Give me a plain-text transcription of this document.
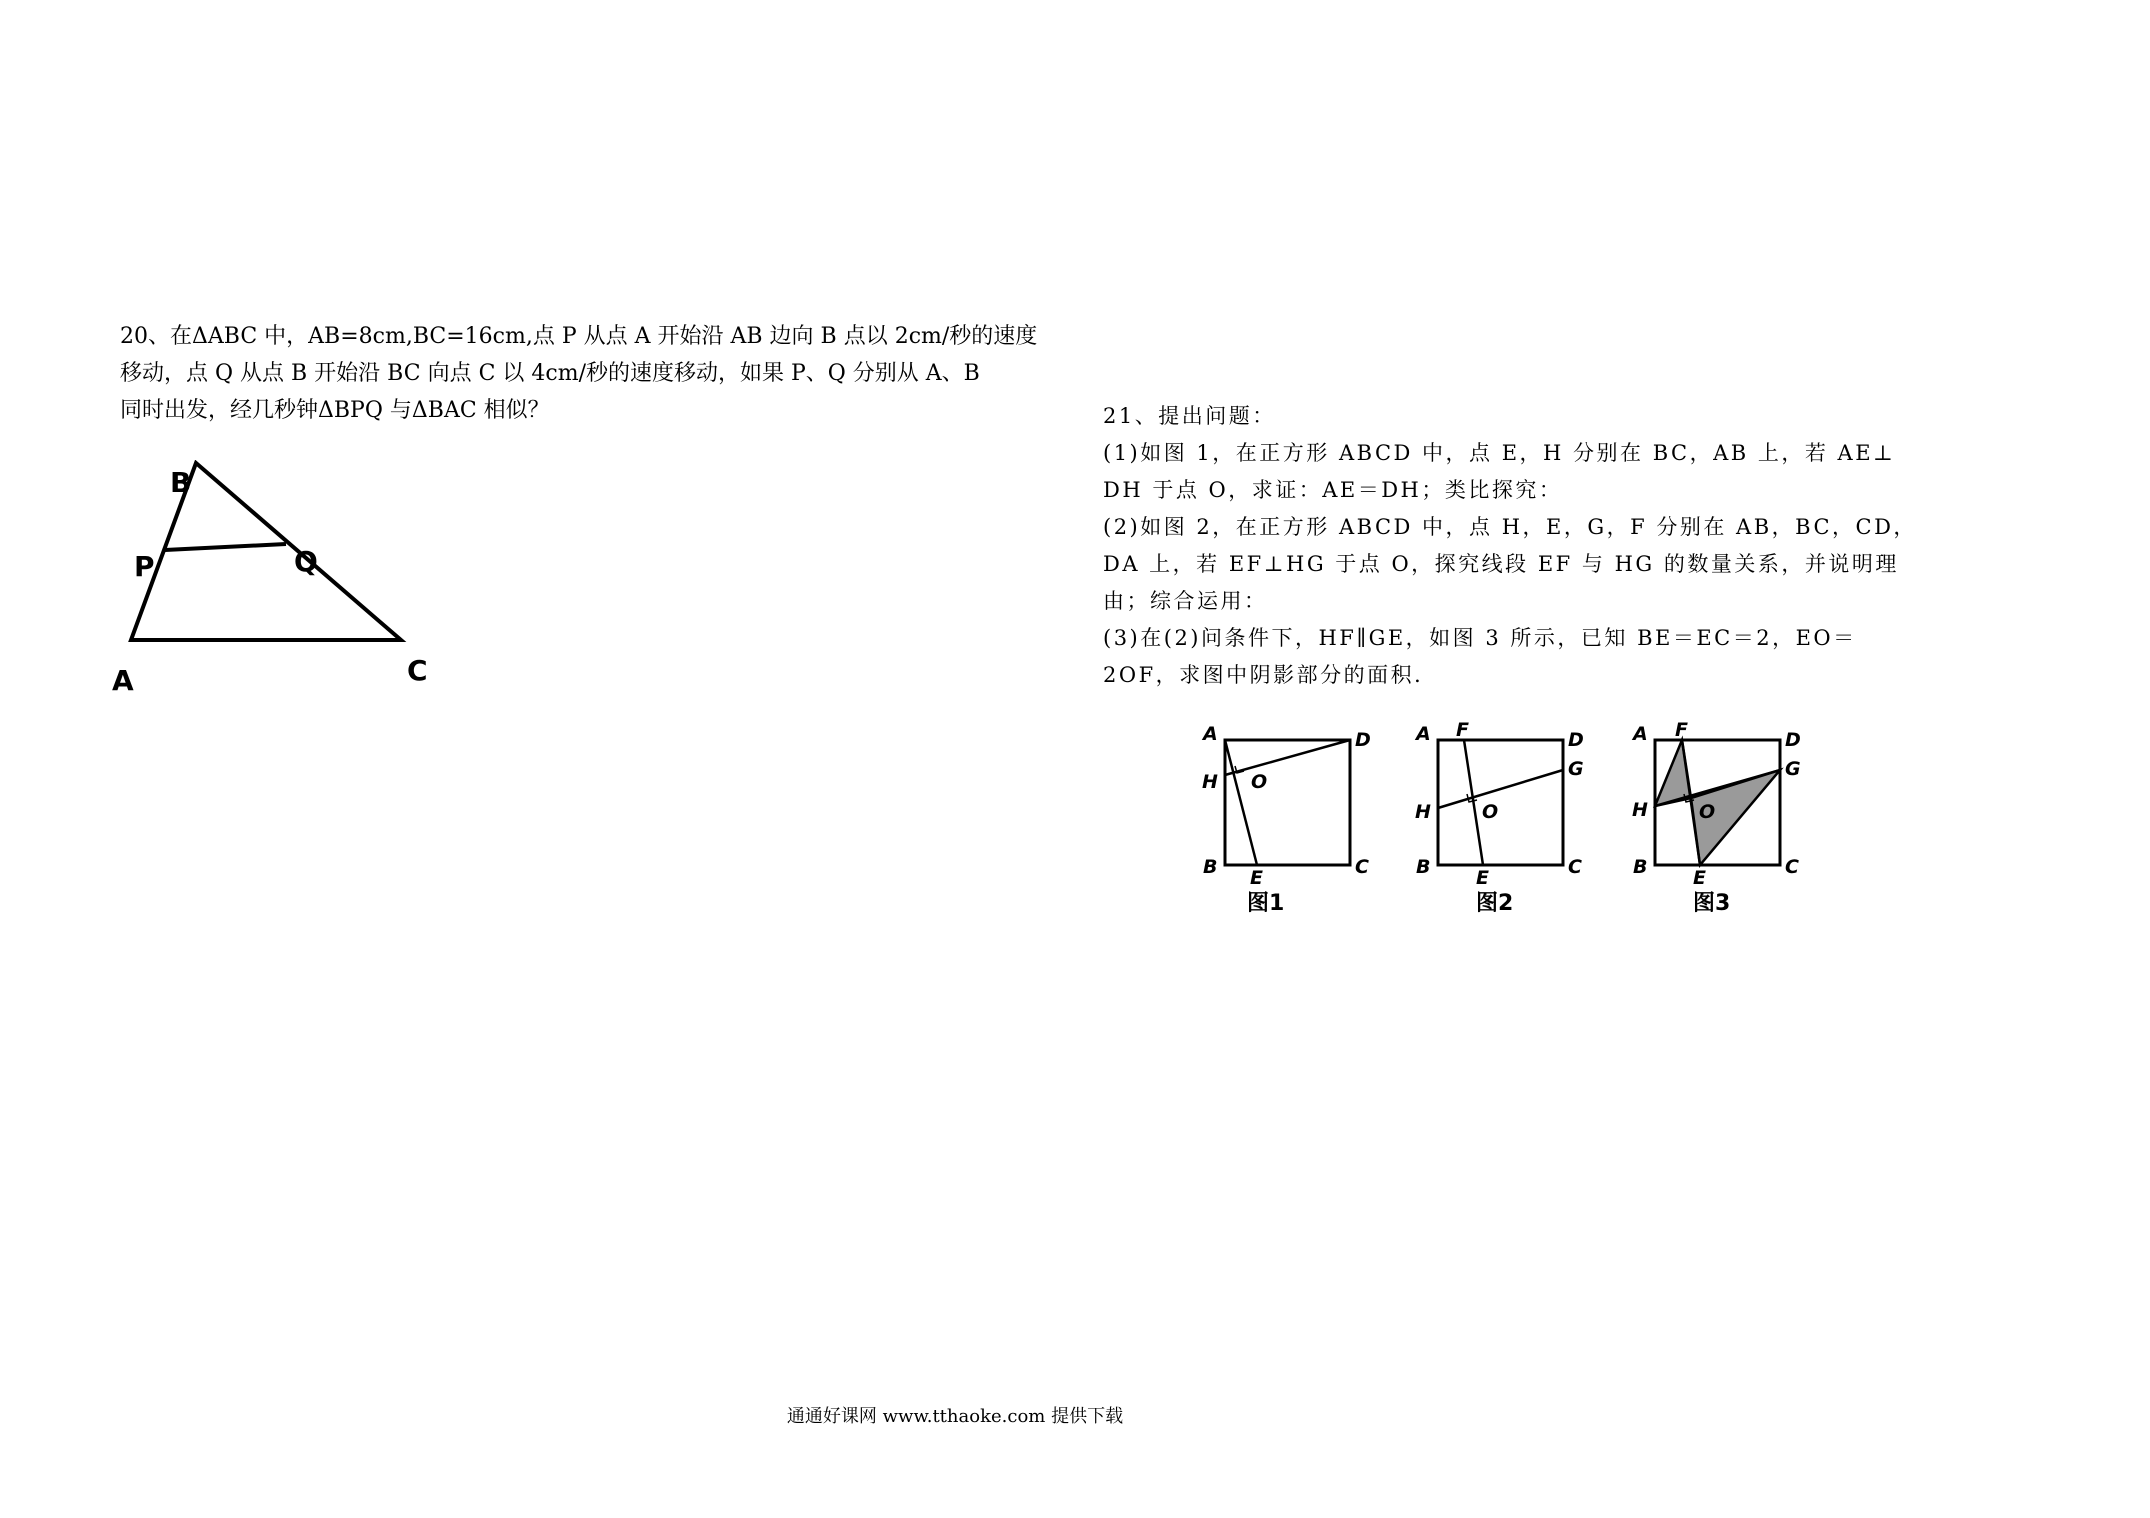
20、在ΔABC 中，AB=8cm,BC=16cm,点 P 从点 A 开始沿 AB 边向 B 点以 2cm/秒的速度

移动，点 Q 从点 B 开始沿 BC 向点 C 以 4cm/秒的速度移动，如果 P、Q 分别从 A、B

同时出发，经几秒钟ΔBPQ 与ΔBAC 相似？

B
P	Q
A	C

21、提出问题：

(1)如图 1，在正方形 ABCD 中，点 E，H 分别在 BC，AB 上，若 AE⊥

DH 于点 O，求证：AE＝DH；类比探究：

(2)如图 2，在正方形 ABCD 中，点 H，E，G，F 分别在 AB，BC，CD，

DA 上，若 EF⊥HG 于点 O，探究线段 EF 与 HG 的数量关系，并说明理

由；综合运用：

(3)在(2)问条件下，HF∥GE，如图 3 所示，已知 BE＝EC＝2，EO＝

2OF，求图中阴影部分的面积．

A	D
H O
B E	C
图1
A F	D
G
H	O
B E	C
图2
A F	D
G
H	O
B E	C
图3
通通好课网 www.tthaoke.com 提供下载
